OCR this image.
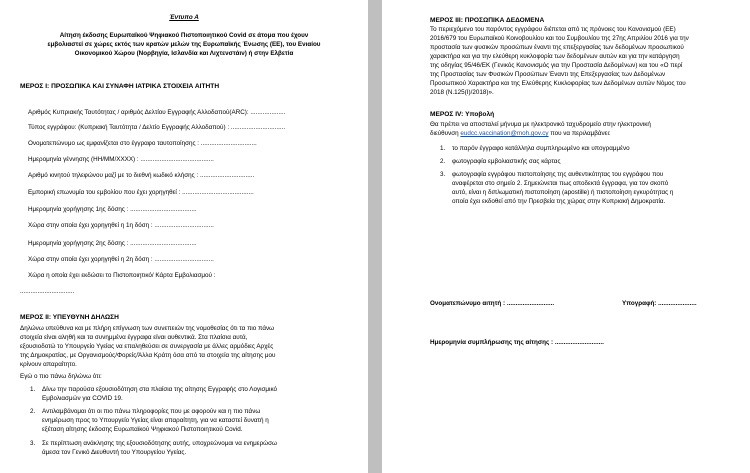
Έντυπο Α
Αίτηση έκδοσης Ευρωπαϊκού Ψηφιακού Πιστοποιητικού Covid σε άτομα που έχουν
εμβολιαστεί σε χώρες εκτός των κρατών μελών της Ευρωπαϊκής Ένωσης (ΕΕ), του Ενιαίου
Οικονομικού Χώρου (Νορβηγία, Ισλανδία και Λιχτενστάιν) ή στην Ελβετία
ΜΕΡΟΣ Ι: ΠΡΟΣΩΠΙΚΑ ΚΑΙ ΣΥΝΑΦΗ ΙΑΤΡΙΚΑ ΣΤΟΙΧΕΙΑ ΑΙΤΗΤΗ
Αριθμός Κυπριακής Ταυτότητας / αριθμός Δελτίου Εγγραφής Αλλοδαπού(ARC): ....................
Τύπος εγγράφου: (Κυπριακή Ταυτότητα / Δελτίο Εγγραφής Αλλοδαπού) : ...............................
Ονοματεπώνυμο ως εμφανίζεται στο έγγραφο ταυτοποίησης : ................................
Ημερομηνία γέννησης (ΗΗ/ΜΜ/ΧΧΧΧ) : ..........................................
Αριθμό κινητού τηλεφώνου μαζί με το διεθνή κωδικό κλήσης : ...............................
Εμπορική επωνυμία του εμβολίου που έχει χορηγηθεί : .........................................
Ημερομηνία χορήγησης 1ης δόσης : ......................................
Χώρα στην οποία έχει χορηγηθεί η 1η δόση : ..................................
Ημερομηνία χορήγησης 2ης δόσης : ......................................
Χώρα στην οποία έχει χορηγηθεί η 2η δόση : ..................................
Χώρα η οποία έχει εκδώσει το Πιστοποιητικό/ Κάρτα Εμβολιασμού :
...............................
ΜΕΡΟΣ ΙΙ: ΥΠΕΥΘΥΝΗ ΔΗΛΩΣΗ
Δηλώνω υπεύθυνα και με πλήρη επίγνωση των συνεπειών της νομοθεσίας ότι τα πιο πάνω
στοιχεία είναι αληθή και τα συνημμένα έγγραφα είναι αυθεντικά. Στα πλαίσια αυτά,
εξουσιοδοτώ το Υπουργείο Υγείας να επαληθεύσει σε συνεργασία με άλλες αρμόδιες Αρχές
της Δημοκρατίας, με Οργανισμούς/Φορείς/Άλλα Κράτη όσα από τα στοιχεία της αίτησης μου
κρίνουν απαραίτητο.
Εγώ ο πιο πάνω δηλώνω ότι:
1. Δίνω την παρούσα εξουσιοδότηση στα πλαίσια της αίτησης Εγγραφής στο Λογισμικό
Εμβολιασμών για COVID 19.
2. Αντιλαμβάνομαι ότι οι πιο πάνω πληροφορίες που με αφορούν και η πιο πάνω
ενημέρωση προς το Υπουργείο Υγείας είναι απαραίτητη, για να καταστεί δυνατή η
εξέταση αίτησης έκδοσης Ευρωπαϊκού Ψηφιακού Πιστοποιητικού Covid.
3. Σε περίπτωση ανάκλησης της εξουσιοδότησης αυτής, υποχρεώνομαι να ενημερώσω
άμεσα τον Γενικό Διευθυντή του Υπουργείου Υγείας.
ΜΕΡΟΣ ΙΙΙ: ΠΡΟΣΩΠΙΚΑ ΔΕΔΟΜΕΝΑ
Το περιεχόμενο του παρόντος εγγράφου διέπεται από τις πρόνοιες του Κανονισμού (ΕΕ)
2016/679 του Ευρωπαϊκού Κοινοβουλίου και του Συμβουλίου της 27ης Απριλίου 2016 για την
προστασία των φυσικών προσώπων έναντι της επεξεργασίας των δεδομένων προσωπικού
χαρακτήρα και για την ελεύθερη κυκλοφορία των δεδομένων αυτών και για την κατάργηση
της οδηγίας 95/46/ΕΚ (Γενικός Κανονισμός για την Προστασία Δεδομένων) και του «Ο περί
της Προστασίας των Φυσικών Προσώπων Έναντι της Επεξεργασίας των Δεδομένων
Προσωπικού Χαρακτήρα και της Ελεύθερης Κυκλοφορίας των Δεδομένων αυτών Νόμος του
2018 (Ν.125(Ι)/2018)».
ΜΕΡΟΣ ΙV: Υποβολή
Θα πρέπει να αποσταλεί μήνυμα με ηλεκτρονικό ταχυδρομείο στην ηλεκτρονική
διεύθυνση eudcc.vaccination@moh.gov.cy που να περιλαμβάνει:
1. το παρόν έγγραφο κατάλληλα συμπληρωμένο και υπογραμμένο
2. φωτογραφία εμβολιαστικής σας κάρτας
3. φωτογραφία εγγράφου πιστοποίησης της αυθεντικότητας του εγγράφου που
αναφέρεται στο σημείο 2. Σημειώνεται πως αποδεκτά έγγραφα, για τον σκοπό
αυτό, είναι η διπλωματική πιστοποίηση (apostille) ή πιστοποίηση εγκυρότητας η
οποία έχει εκδοθεί από την Πρεσβεία της χώρας στην Κυπριακή Δημοκρατία.
Ονοματεπώνυμο αιτητή : ...........................	Υπογραφή: ......................
Ημερομηνία συμπλήρωσης της αίτησης : ............................
